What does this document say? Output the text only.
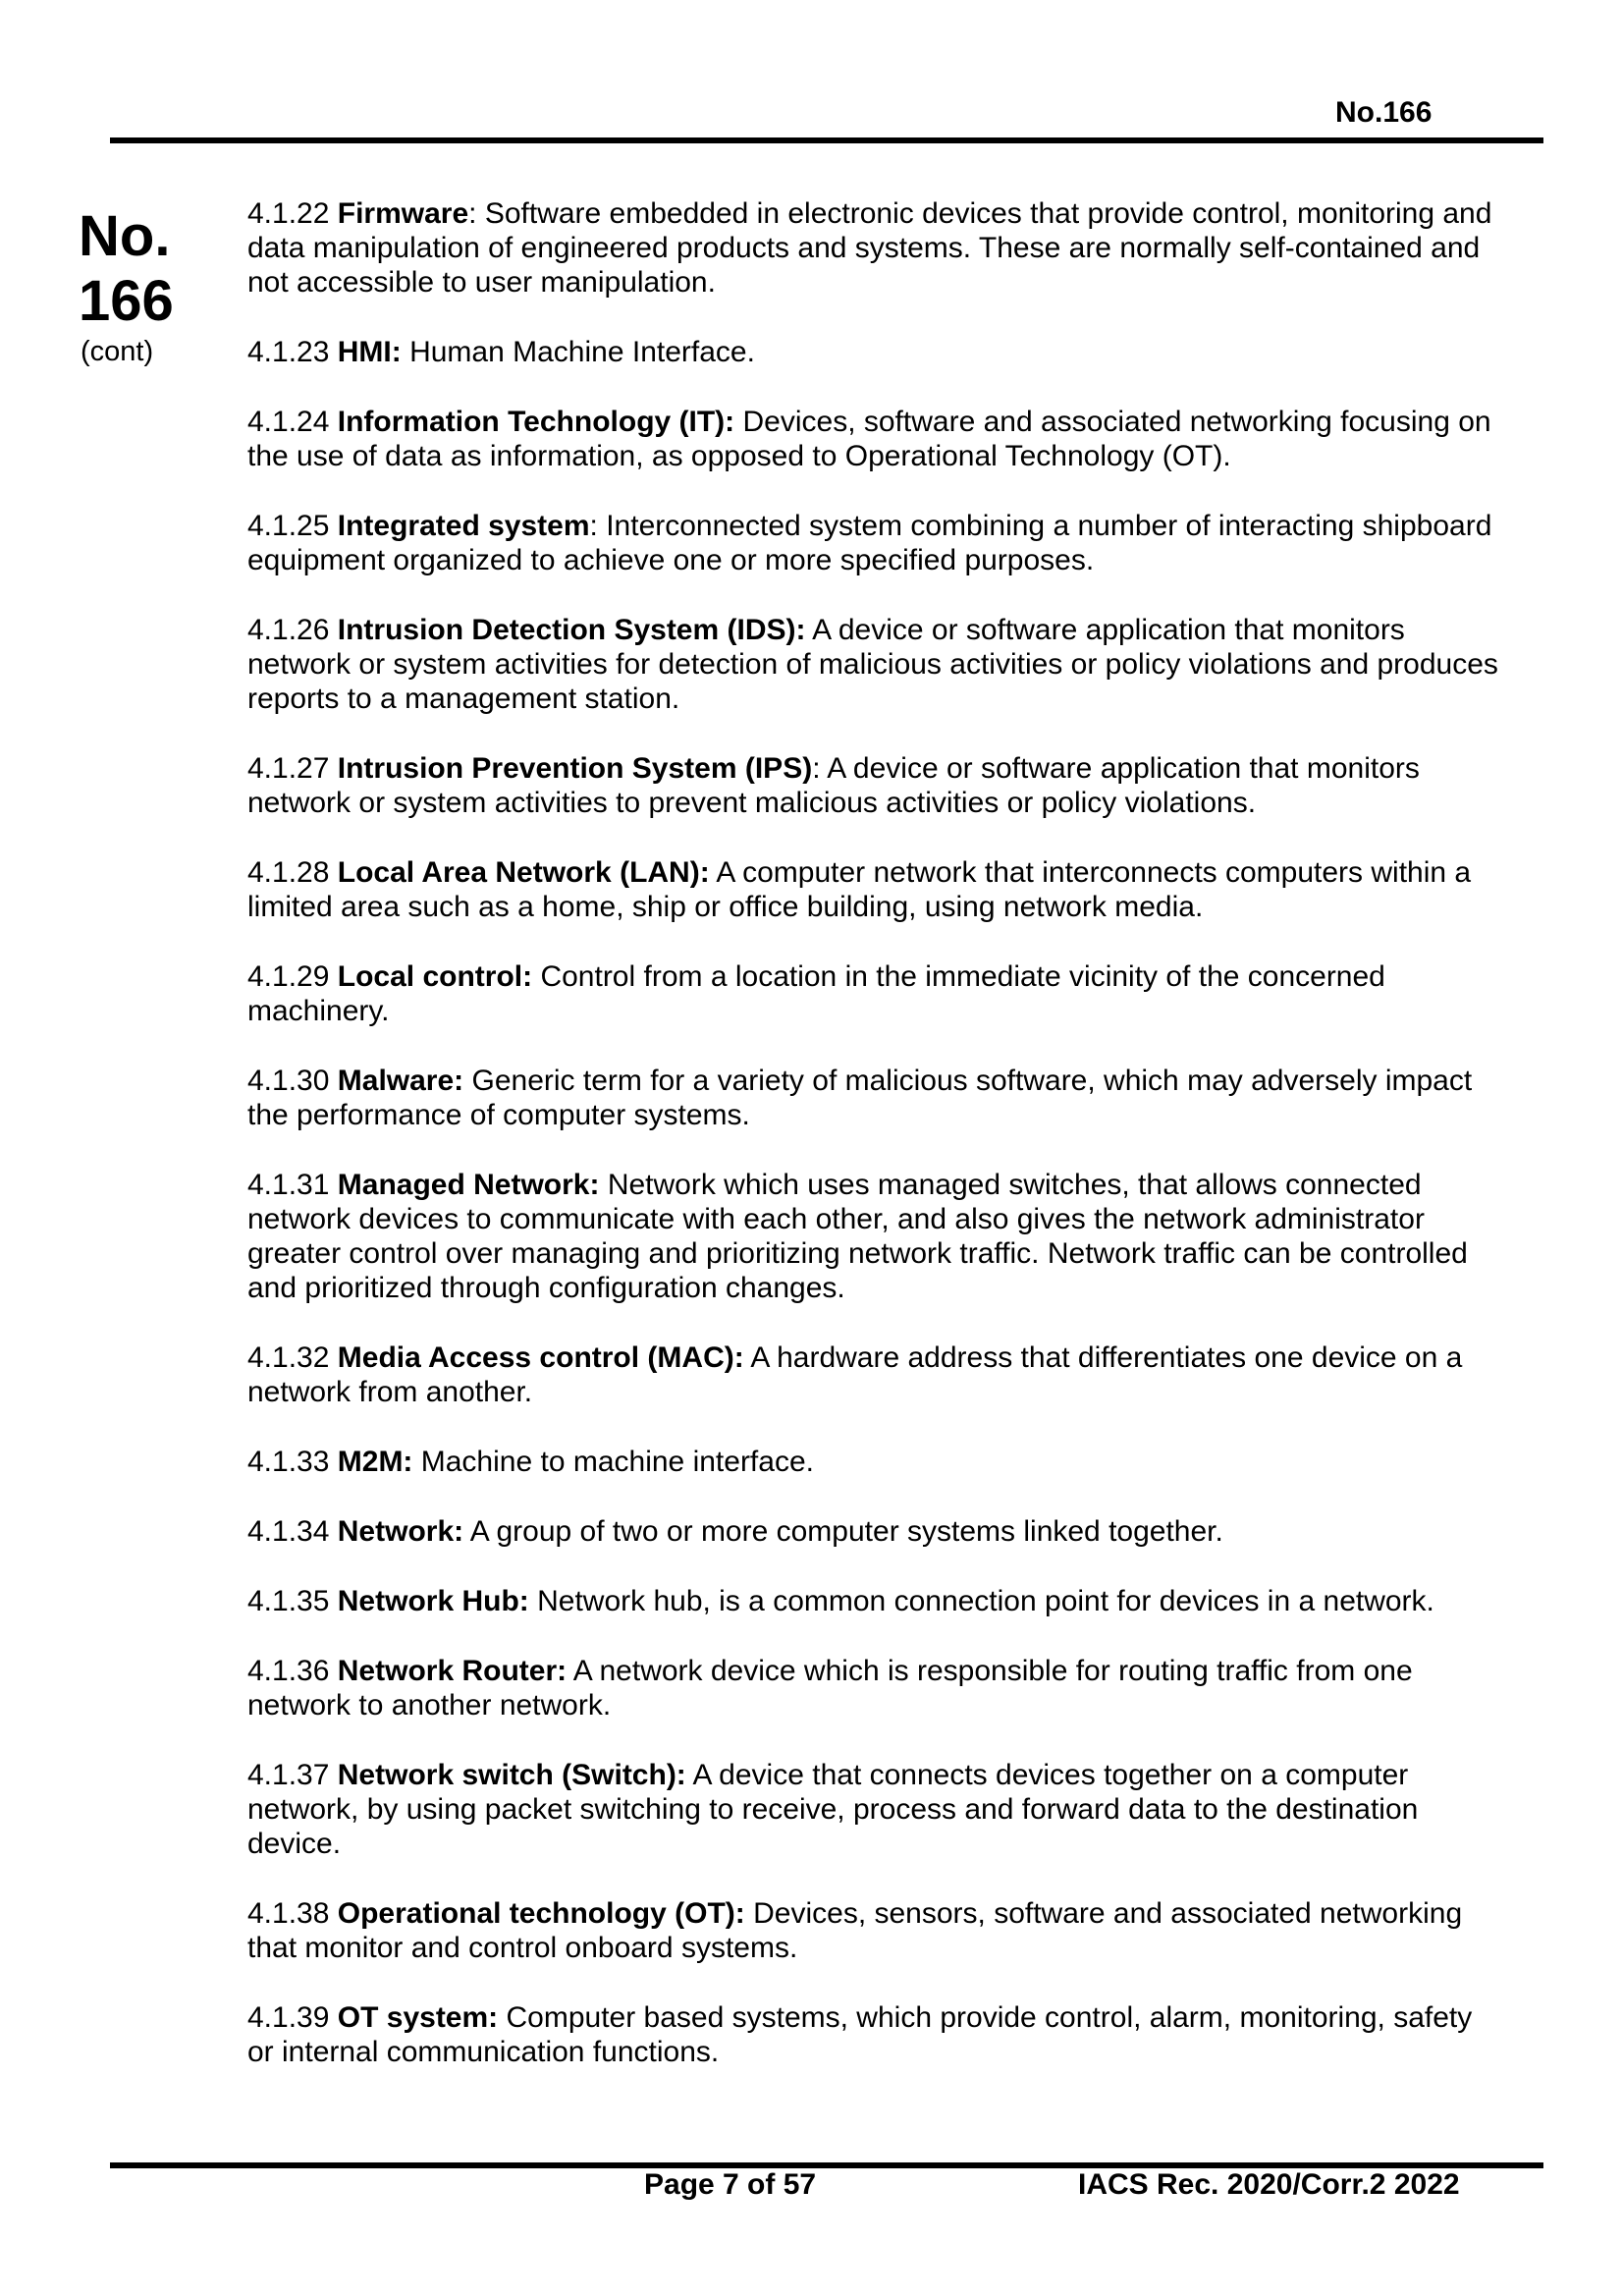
No.166
No.
166
(cont)

4.1.22 Firmware: Software embedded in electronic devices that provide control, monitoring and data manipulation of engineered products and systems. These are normally self-contained and not accessible to user manipulation.

4.1.23 HMI: Human Machine Interface.

4.1.24 Information Technology (IT): Devices, software and associated networking focusing on the use of data as information, as opposed to Operational Technology (OT).

4.1.25 Integrated system: Interconnected system combining a number of interacting shipboard equipment organized to achieve one or more specified purposes.

4.1.26 Intrusion Detection System (IDS): A device or software application that monitors network or system activities for detection of malicious activities or policy violations and produces reports to a management station.

4.1.27 Intrusion Prevention System (IPS): A device or software application that monitors network or system activities to prevent malicious activities or policy violations.

4.1.28 Local Area Network (LAN): A computer network that interconnects computers within a limited area such as a home, ship or office building, using network media.

4.1.29 Local control: Control from a location in the immediate vicinity of the concerned machinery.

4.1.30 Malware: Generic term for a variety of malicious software, which may adversely impact the performance of computer systems.

4.1.31 Managed Network: Network which uses managed switches, that allows connected network devices to communicate with each other, and also gives the network administrator greater control over managing and prioritizing network traffic. Network traffic can be controlled and prioritized through configuration changes.

4.1.32 Media Access control (MAC): A hardware address that differentiates one device on a network from another.

4.1.33 M2M: Machine to machine interface.

4.1.34 Network: A group of two or more computer systems linked together.

4.1.35 Network Hub: Network hub, is a common connection point for devices in a network.

4.1.36 Network Router: A network device which is responsible for routing traffic from one network to another network.

4.1.37 Network switch (Switch): A device that connects devices together on a computer network, by using packet switching to receive, process and forward data to the destination device.

4.1.38 Operational technology (OT): Devices, sensors, software and associated networking that monitor and control onboard systems.

4.1.39 OT system: Computer based systems, which provide control, alarm, monitoring, safety or internal communication functions.

Page 7 of 57	IACS Rec. 2020/Corr.2 2022
